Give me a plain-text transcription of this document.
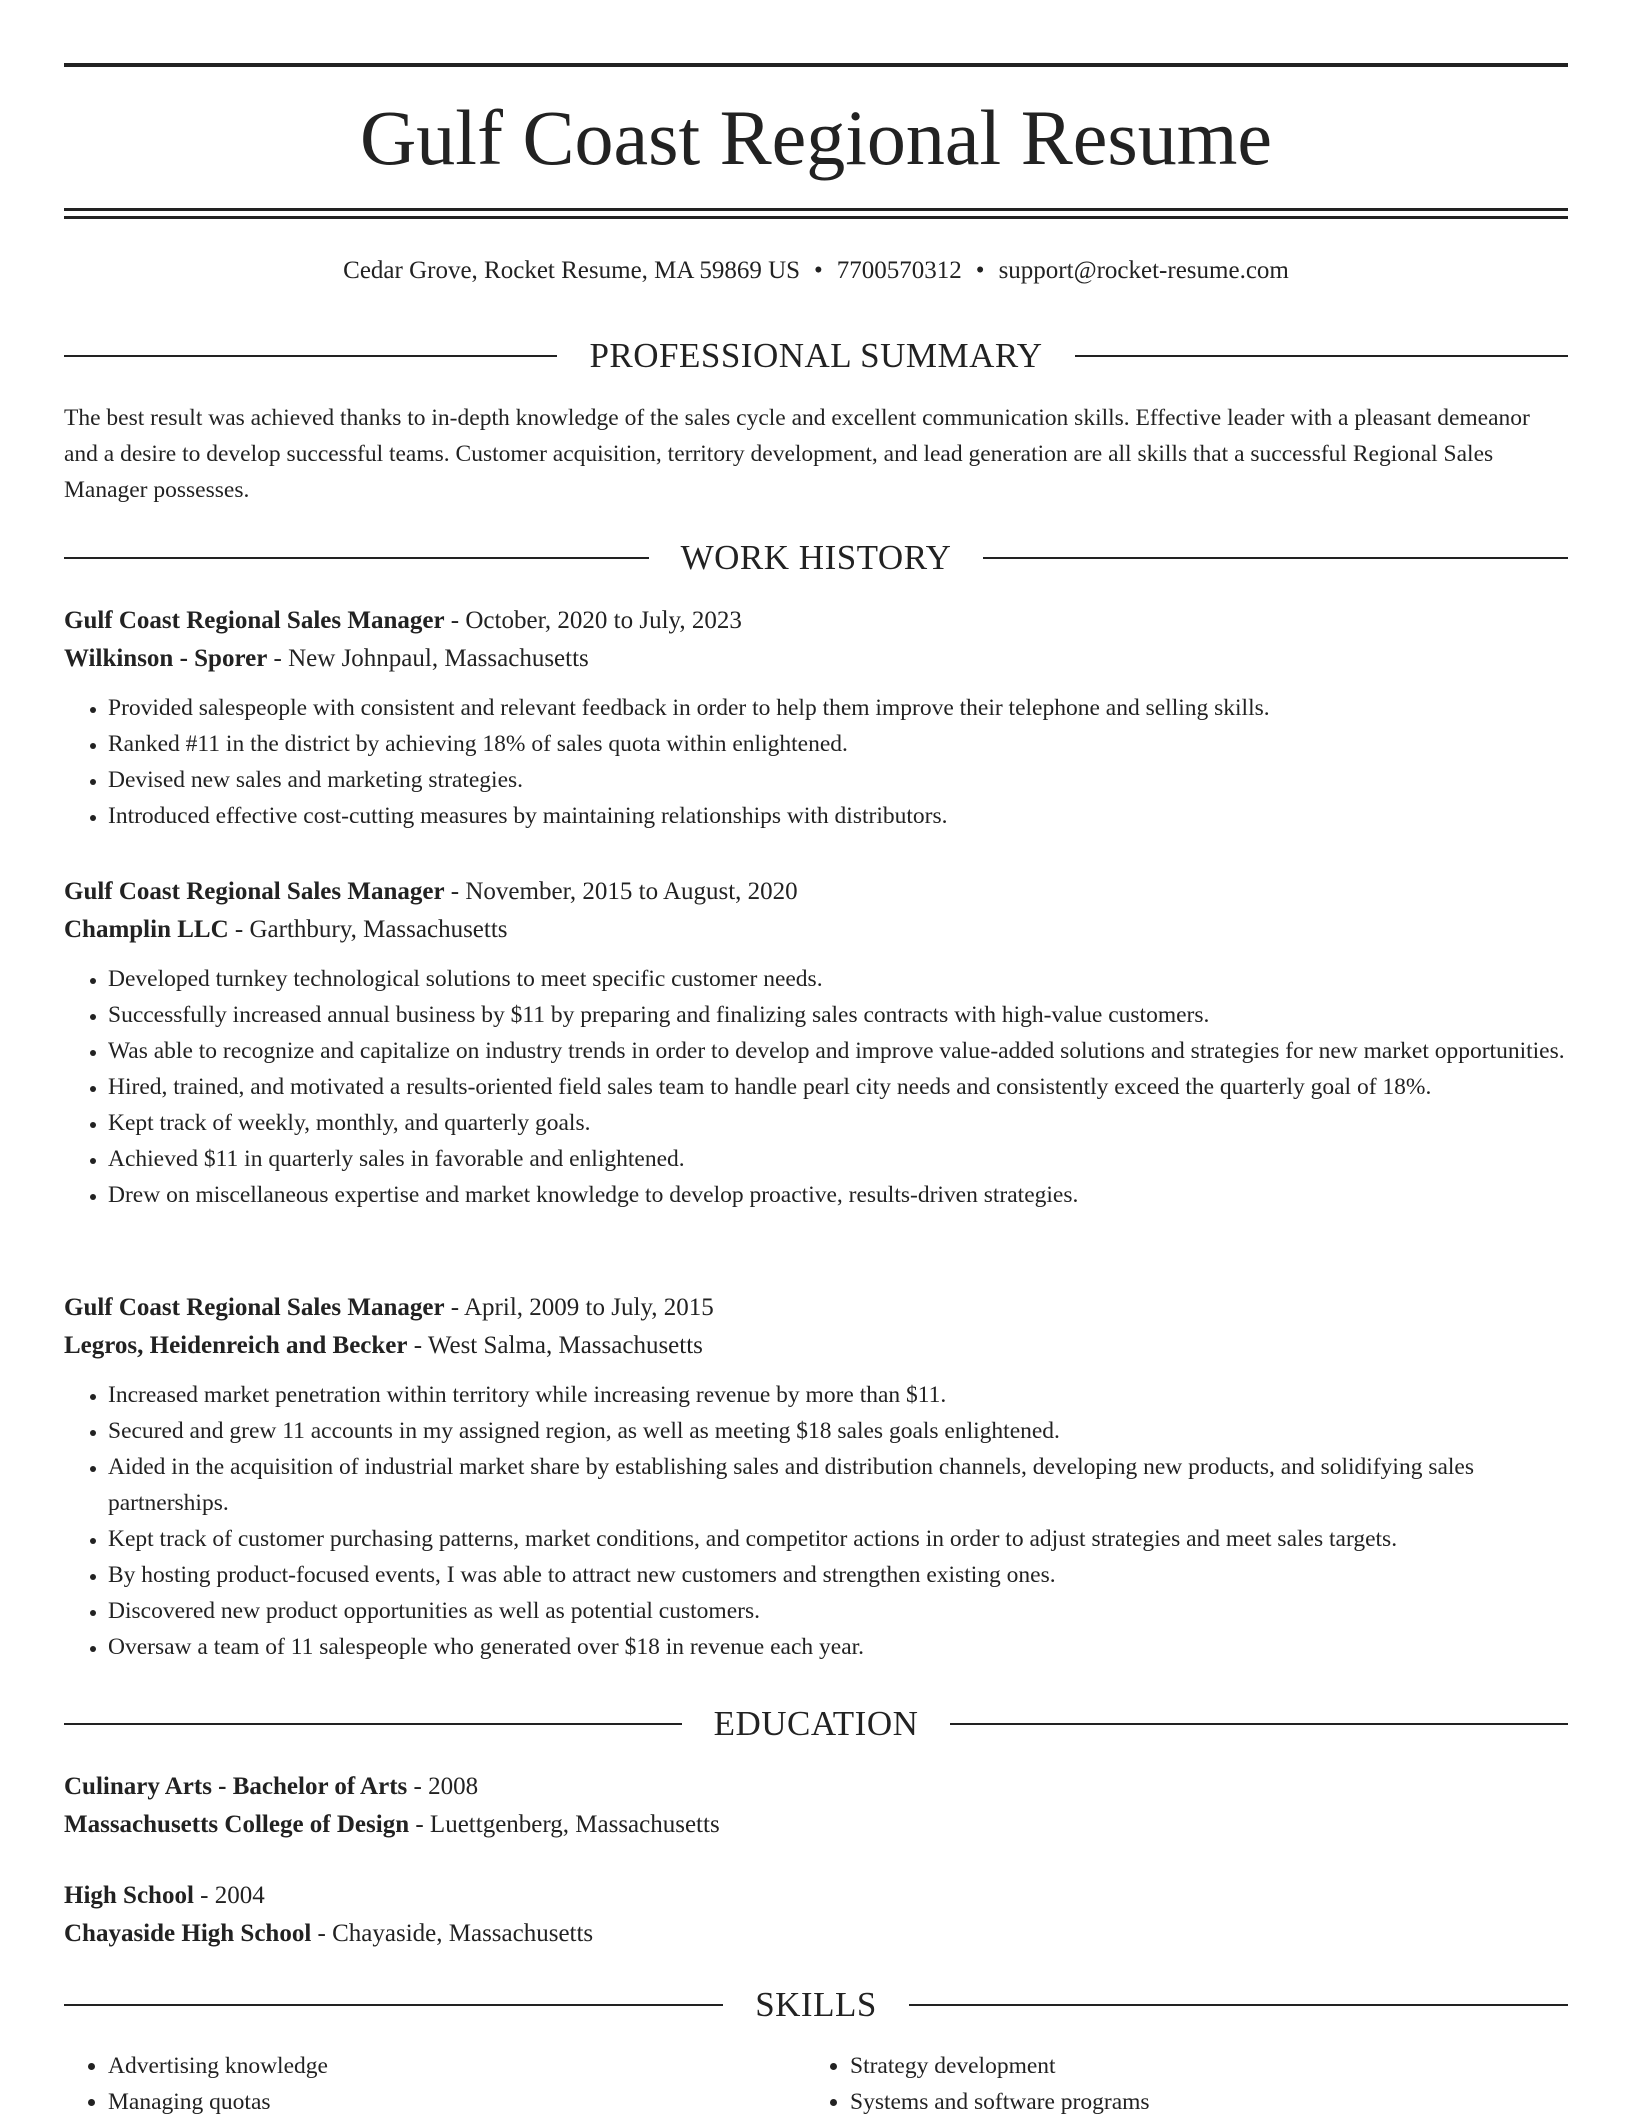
Gulf Coast Regional Resume
Cedar Grove, Rocket Resume, MA 59869 US • 7700570312 • support@rocket-resume.com
PROFESSIONAL SUMMARY

The best result was achieved thanks to in-depth knowledge of the sales cycle and excellent communication skills. Effective leader with a pleasant demeanor and a desire to develop successful teams. Customer acquisition, territory development, and lead generation are all skills that a successful Regional Sales Manager possesses.

WORK HISTORY

Gulf Coast Regional Sales Manager - October, 2020 to July, 2023

Wilkinson - Sporer - New Johnpaul, Massachusetts

• Provided salespeople with consistent and relevant feedback in order to help them improve their telephone and selling skills.
• Ranked #11 in the district by achieving 18% of sales quota within enlightened.
• Devised new sales and marketing strategies.
• Introduced effective cost-cutting measures by maintaining relationships with distributors.

Gulf Coast Regional Sales Manager - November, 2015 to August, 2020

Champlin LLC - Garthbury, Massachusetts

• Developed turnkey technological solutions to meet specific customer needs.
• Successfully increased annual business by $11 by preparing and finalizing sales contracts with high-value customers.
• Was able to recognize and capitalize on industry trends in order to develop and improve value-added solutions and strategies for new market opportunities.
• Hired, trained, and motivated a results-oriented field sales team to handle pearl city needs and consistently exceed the quarterly goal of 18%.
• Kept track of weekly, monthly, and quarterly goals.
• Achieved $11 in quarterly sales in favorable and enlightened.
• Drew on miscellaneous expertise and market knowledge to develop proactive, results-driven strategies.

Gulf Coast Regional Sales Manager - April, 2009 to July, 2015

Legros, Heidenreich and Becker - West Salma, Massachusetts

• Increased market penetration within territory while increasing revenue by more than $11.
• Secured and grew 11 accounts in my assigned region, as well as meeting $18 sales goals enlightened.
• Aided in the acquisition of industrial market share by establishing sales and distribution channels, developing new products, and solidifying sales partnerships.
• Kept track of customer purchasing patterns, market conditions, and competitor actions in order to adjust strategies and meet sales targets.
• By hosting product-focused events, I was able to attract new customers and strengthen existing ones.
• Discovered new product opportunities as well as potential customers.
• Oversaw a team of 11 salespeople who generated over $18 in revenue each year.
EDUCATION

Culinary Arts - Bachelor of Arts - 2008

Massachusetts College of Design - Luettgenberg, Massachusetts

High School - 2004

Chayaside High School - Chayaside, Massachusetts

SKILLS
• Advertising knowledge
• Managing quotas
• Strategy development
• Systems and software programs
